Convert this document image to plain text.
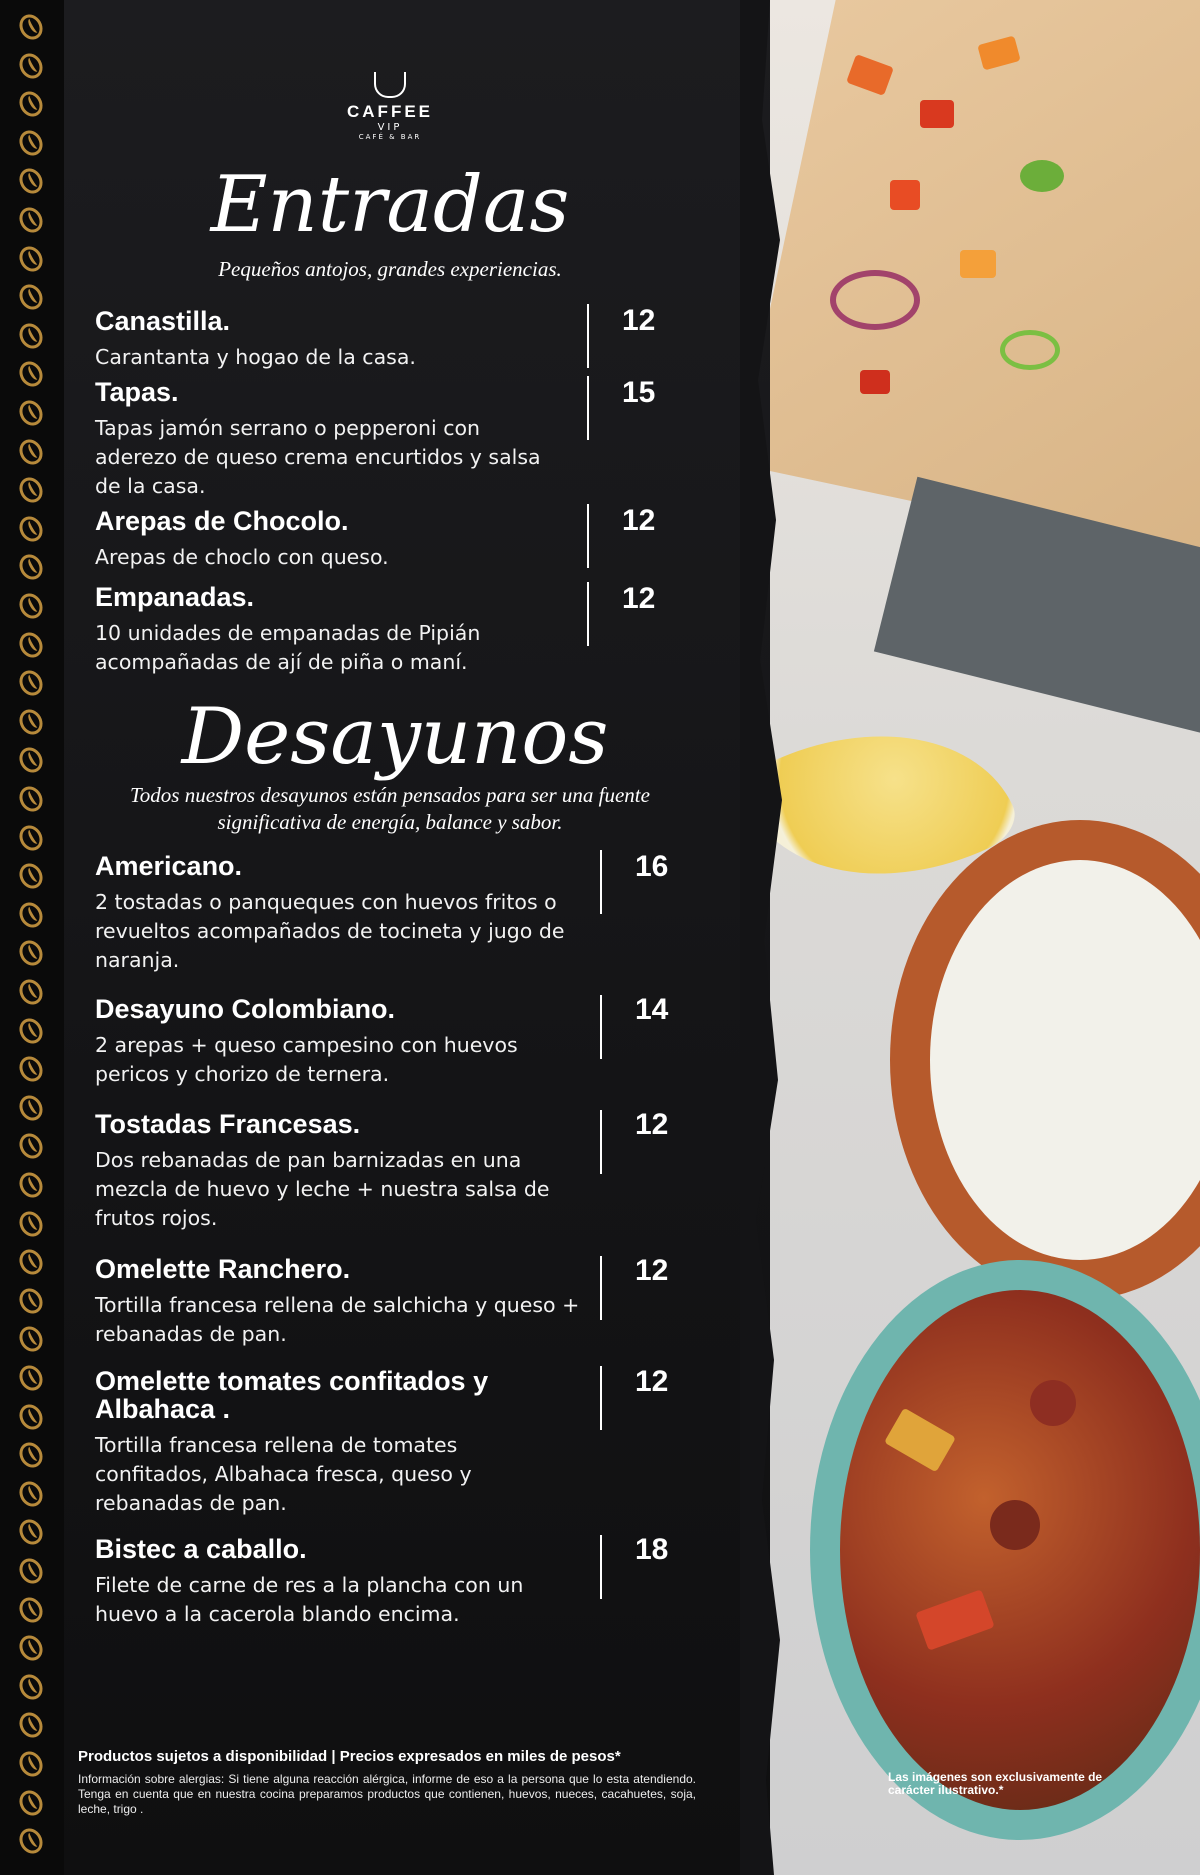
CAFFEE
VIP
CAFÉ & BAR
Entradas
Pequeños antojos, grandes experiencias.
Canastilla.
Carantanta y hogao de la casa.
12
Tapas.
Tapas jamón serrano o pepperoni con aderezo de queso crema encurtidos y salsa de la casa.
15
Arepas de Chocolo.
Arepas de choclo con queso.
12
Empanadas.
10 unidades de empanadas de Pipián acompañadas de ají de piña o maní.
12
Desayunos
Todos nuestros desayunos están pensados para ser una fuente significativa de energía, balance y sabor.
Americano.
2 tostadas o panqueques con huevos fritos o revueltos acompañados de tocineta y jugo de naranja.
16
Desayuno Colombiano.
2 arepas + queso campesino con huevos pericos y chorizo de ternera.
14
Tostadas Francesas.
Dos rebanadas de pan barnizadas en una mezcla de huevo y leche + nuestra salsa de frutos rojos.
12
Omelette Ranchero.
Tortilla francesa rellena de salchicha y queso + rebanadas de pan.
12
Omelette tomates confitados y Albahaca .
Tortilla francesa rellena de tomates confitados, Albahaca fresca, queso y rebanadas de pan.
12
Bistec a caballo.
Filete de carne de res a la plancha con un huevo a la cacerola blando encima.
18
Productos sujetos a disponibilidad | Precios expresados en miles de pesos*
Información sobre alergias: Si tiene alguna reacción alérgica, informe de eso a la persona que lo esta atendiendo. Tenga en cuenta que en nuestra cocina preparamos productos que contienen, huevos, nueces, cacahuetes, soja, leche, trigo .
Las imágenes son exclusivamente de carácter ilustrativo.*
